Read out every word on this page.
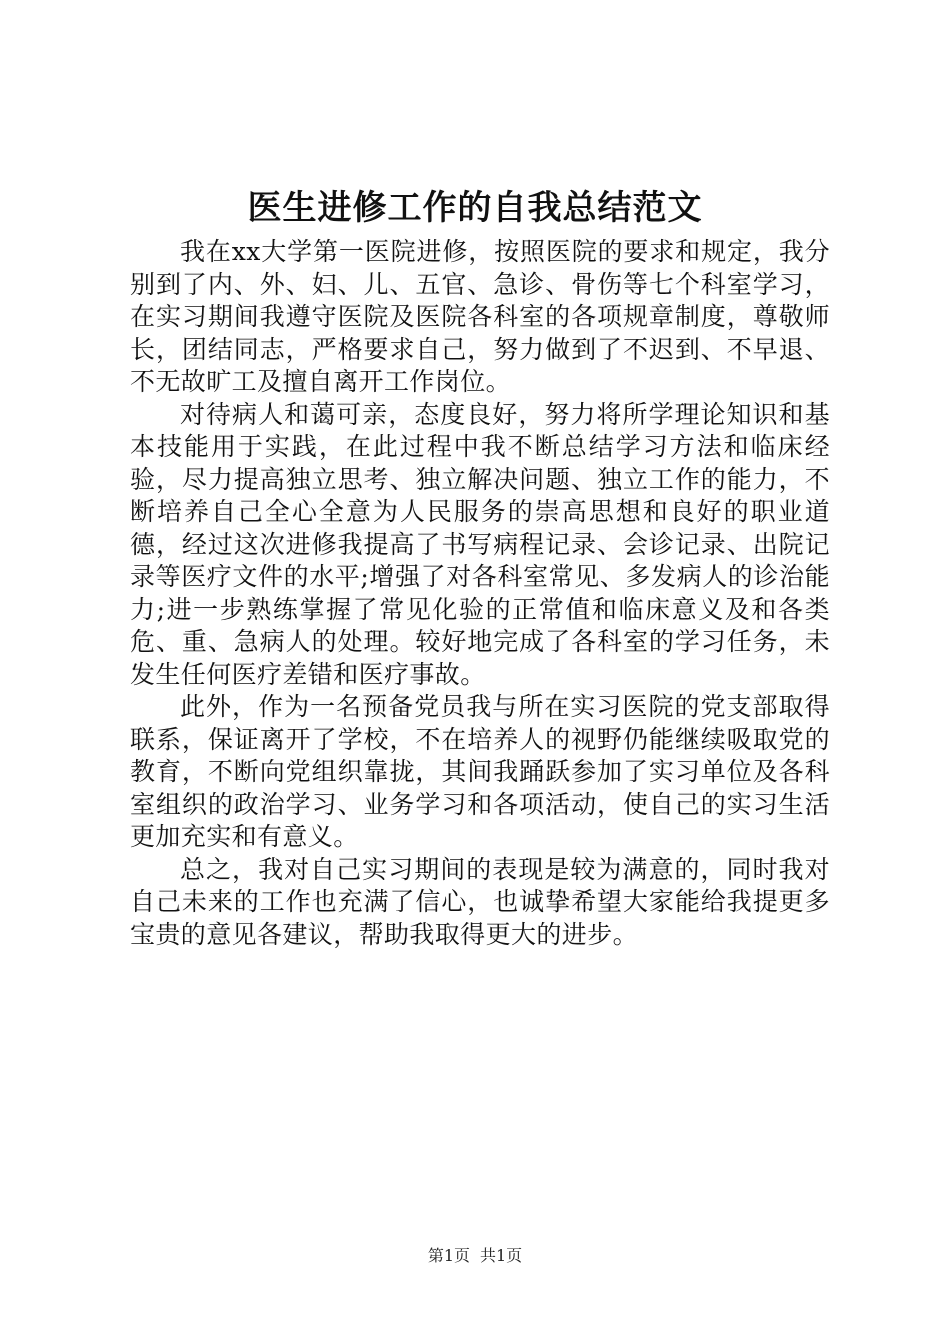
医生进修工作的自我总结范文

我在xx大学第一医院进修，按照医院的要求和规定，我分别到了内、外、妇、儿、五官、急诊、骨伤等七个科室学习，在实习期间我遵守医院及医院各科室的各项规章制度，尊敬师长，团结同志，严格要求自己，努力做到了不迟到、不早退、不无故旷工及擅自离开工作岗位。

对待病人和蔼可亲，态度良好，努力将所学理论知识和基本技能用于实践，在此过程中我不断总结学习方法和临床经验，尽力提高独立思考、独立解决问题、独立工作的能力，不断培养自己全心全意为人民服务的崇高思想和良好的职业道德，经过这次进修我提高了书写病程记录、会诊记录、出院记录等医疗文件的水平;增强了对各科室常见、多发病人的诊治能力;进一步熟练掌握了常见化验的正常值和临床意义及和各类危、重、急病人的处理。较好地完成了各科室的学习任务，未发生任何医疗差错和医疗事故。

此外，作为一名预备党员我与所在实习医院的党支部取得联系，保证离开了学校，不在培养人的视野仍能继续吸取党的教育，不断向党组织靠拢，其间我踊跃参加了实习单位及各科室组织的政治学习、业务学习和各项活动，使自己的实习生活更加充实和有意义。

总之，我对自己实习期间的表现是较为满意的，同时我对自己未来的工作也充满了信心，也诚挚希望大家能给我提更多宝贵的意见各建议，帮助我取得更大的进步。

第1页 共1页
